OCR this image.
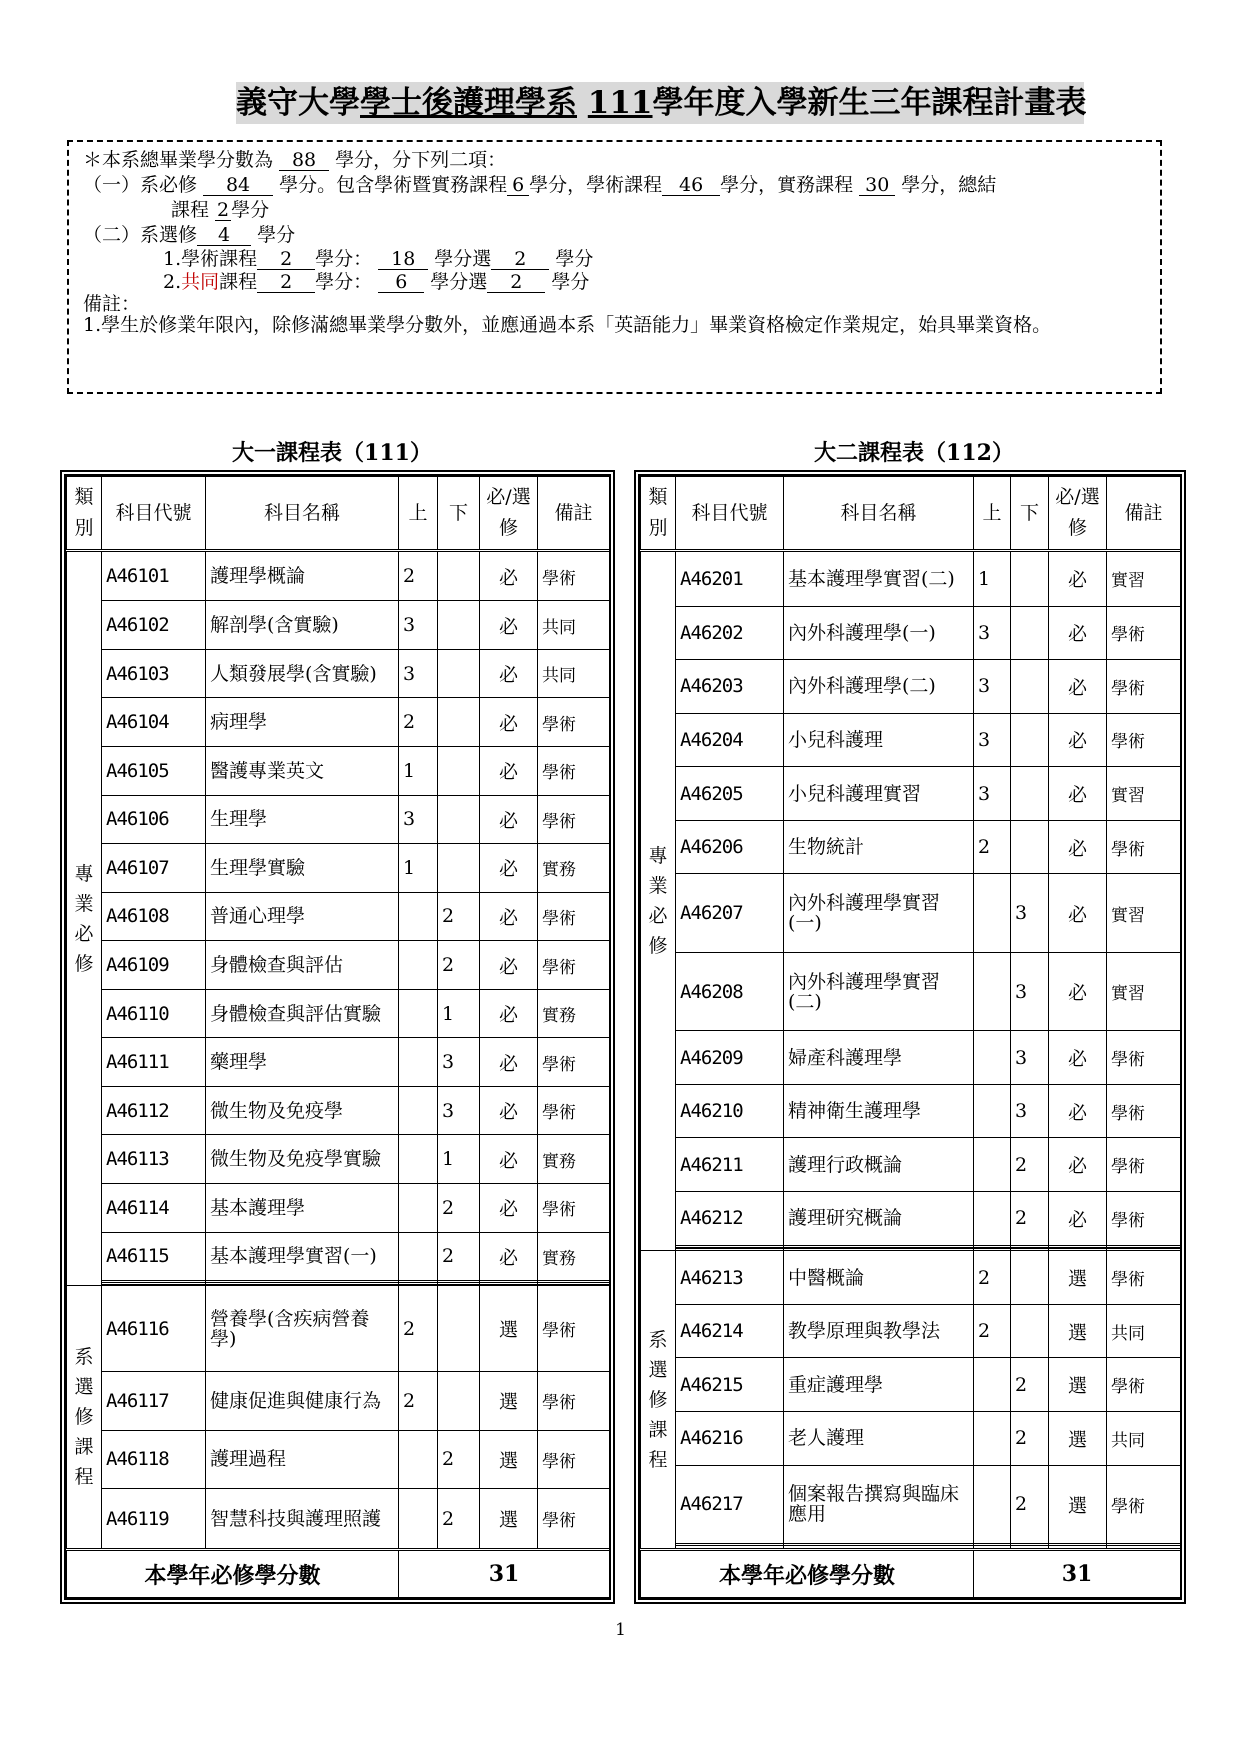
義守大學學士後護理學系 111學年度入學新生三年課程計畫表

＊本系總畢業學分數為 88 學分，分下列二項：

（一）系必修 84 學分。包含學術暨實務課程 6 學分，學術課程 46 學分，實務課程 30 學分，總結

課程 2 學分

（二）系選修 4 學分

1.學術課程 2 學分： 18 學分選 2 學分

2.共同課程 2 學分： 6 學分選 2 學分

備註：

1.學生於修業年限內，除修滿總畢業學分數外，並應通過本系「英語能力」畢業資格檢定作業規定，始具畢業資格。

大一課程表（111）	大二課程表（112）
類別	科目代號	科目名稱	上	下	必/選修	備註
專
業
必
修	A46101	護理學概論	2		必	學術
	A46102	解剖學(含實驗)	3		必	共同
	A46103	人類發展學(含實驗)	3		必	共同
	A46104	病理學	2		必	學術
	A46105	醫護專業英文	1		必	學術
	A46106	生理學	3		必	學術
	A46107	生理學實驗	1		必	實務
	A46108	普通心理學		2	必	學術
	A46109	身體檢查與評估		2	必	學術
	A46110	身體檢查與評估實驗		1	必	實務
	A46111	藥理學		3	必	學術
	A46112	微生物及免疫學		3	必	學術
	A46113	微生物及免疫學實驗		1	必	實務
	A46114	基本護理學		2	必	學術
	A46115	基本護理學實習(一)		2	必	實務

系
選
修
課
程	A46116	營養學(含疾病營養學)	2		選	學術
	A46117	健康促進與健康行為	2		選	學術
	A46118	護理過程		2	選	學術
	A46119	智慧科技與護理照護		2	選	學術
本學年必修學分數			31			
類別	科目代號	科目名稱	上	下	必/選修	備註
專
業
必
修	A46201	基本護理學實習(二)	1		必	實習
	A46202	內外科護理學(一)	3		必	學術
	A46203	內外科護理學(二)	3		必	學術
	A46204	小兒科護理	3		必	學術
	A46205	小兒科護理實習	3		必	實習
	A46206	生物統計	2		必	學術
	A46207	內外科護理學實習(一)		3	必	實習
	A46208	內外科護理學實習(二)		3	必	實習
	A46209	婦產科護理學		3	必	學術
	A46210	精神衛生護理學		3	必	學術
	A46211	護理行政概論		2	必	學術
	A46212	護理研究概論		2	必	學術

系
選
修
課
程	A46213	中醫概論	2		選	學術
	A46214	教學原理與教學法	2		選	共同
	A46215	重症護理學		2	選	學術
	A46216	老人護理		2	選	共同
	A46217	個案報告撰寫與臨床應用		2	選	學術

本學年必修學分數			31			
1
